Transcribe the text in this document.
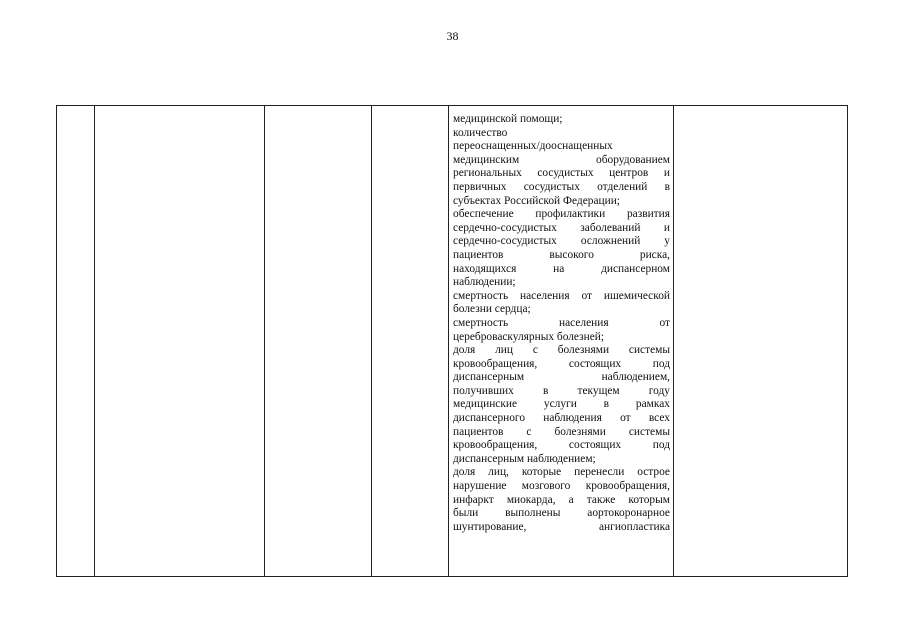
38
медицинской помощи;
количество
переоснащенных/дооснащенных
медицинским	оборудованием
региональных сосудистых центров и
первичных сосудистых отделений в
субъектах Российской Федерации;
обеспечение профилактики развития
сердечно-сосудистых заболеваний и
сердечно-сосудистых осложнений у
пациентов	высокого	риска,
находящихся	на	диспансерном
наблюдении;
смертность населения от ишемической
болезни сердца;
смертность	населения	от
цереброваскулярных болезней;
доля лиц с болезнями системы
кровообращения,	состоящих	под
диспансерным	наблюдением,
получивших	в	текущем	году
медицинские услуги в рамках
диспансерного наблюдения от всех
пациентов с болезнями системы
кровообращения,	состоящих	под
диспансерным наблюдением;
доля лиц, которые перенесли острое
нарушение мозгового кровообращения,
инфаркт миокарда, а также которым
были выполнены аортокоронарное
шунтирование,	ангиопластика
